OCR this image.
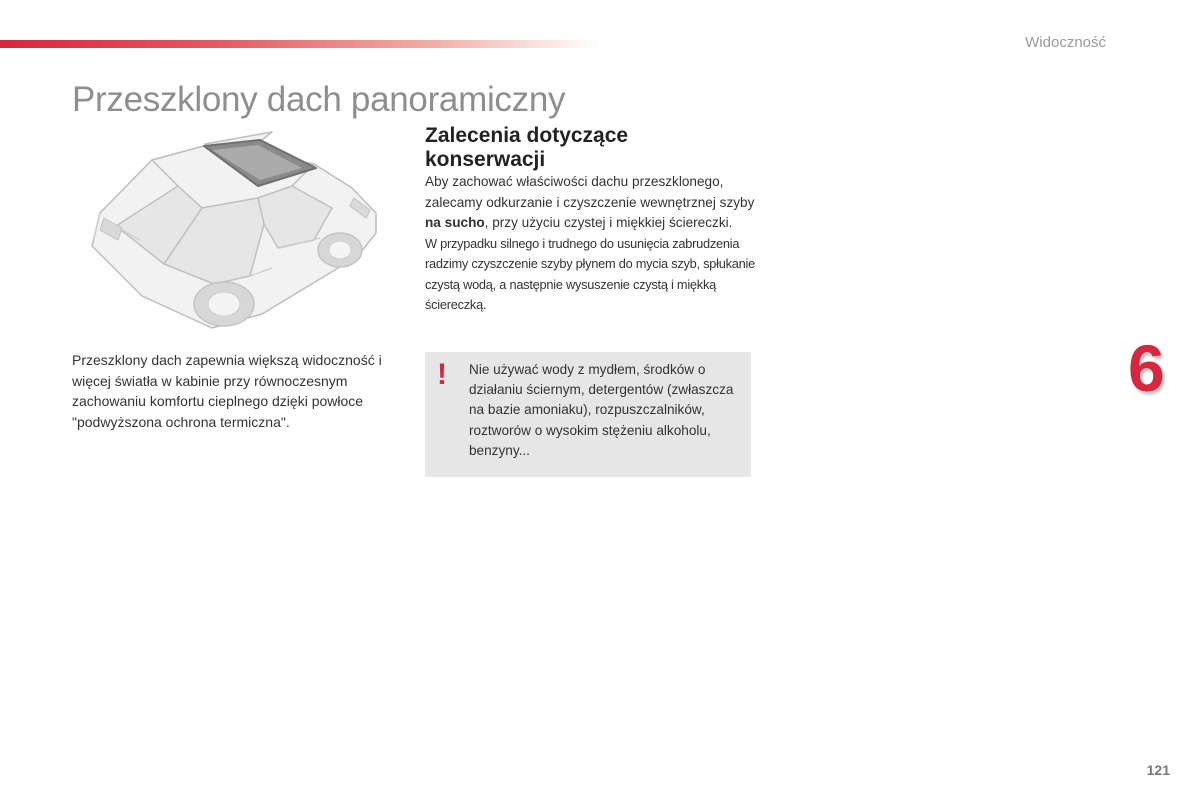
Widoczność
Przeszklony dach panoramiczny

Przeszklony dach zapewnia większą widoczność i więcej światła w kabinie przy równoczesnym zachowaniu komfortu cieplnego dzięki powłoce "podwyższona ochrona termiczna".

Zalecenia dotyczące konserwacji

Aby zachować właściwości dachu przeszklonego, zalecamy odkurzanie i czyszczenie wewnętrznej szyby na sucho, przy użyciu czystej i miękkiej ściereczki.
W przypadku silnego i trudnego do usunięcia zabrudzenia radzimy czyszczenie szyby płynem do mycia szyb, spłukanie czystą wodą, a następnie wysuszenie czystą i miękką ściereczką.

! Nie używać wody z mydłem, środków o działaniu ściernym, detergentów (zwłaszcza na bazie amoniaku), rozpuszczalników, roztworów o wysokim stężeniu alkoholu, benzyny...

6
121
